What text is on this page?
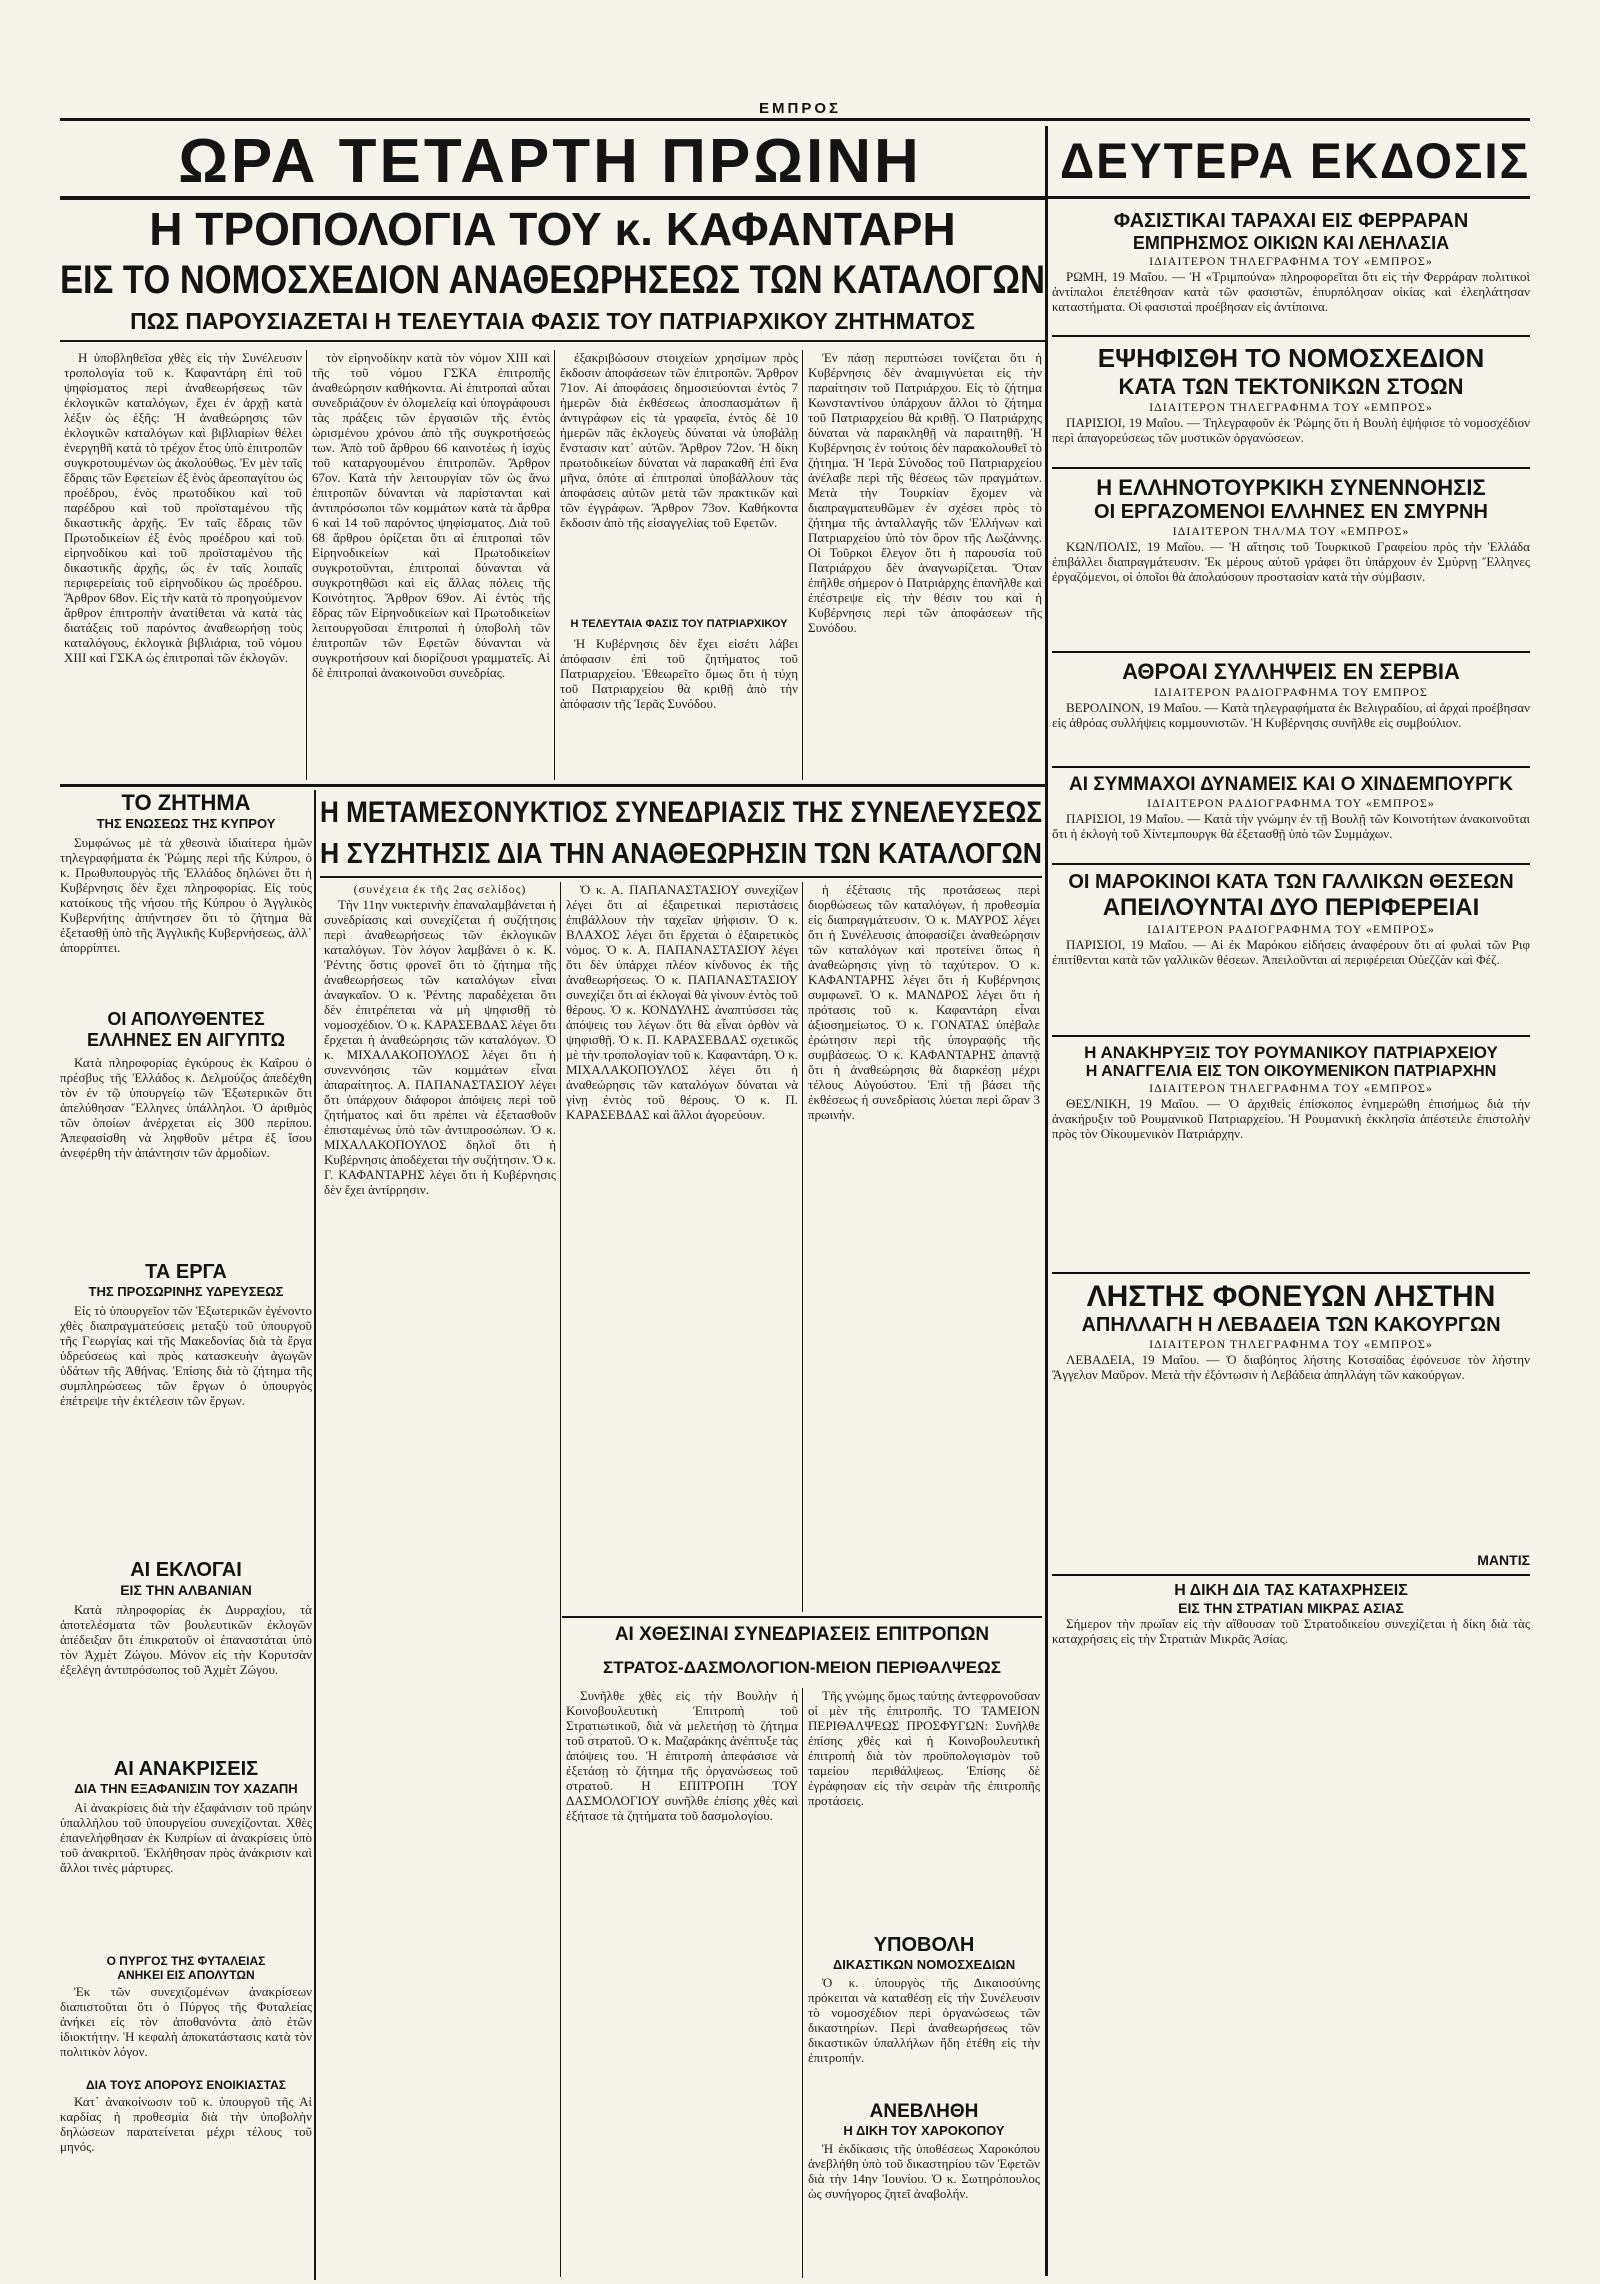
ΕΜΠΡΟΣ
ΩΡΑ ΤΕΤΑΡΤΗ ΠΡΩΙΝΗ	ΔΕΥΤΕΡΑ ΕΚΔΟΣΙΣ
Η ΤΡΟΠΟΛΟΓΙΑ ΤΟΥ κ. ΚΑΦΑΝΤΑΡΗ
ΕΙΣ ΤΟ ΝΟΜΟΣΧΕΔΙΟΝ ΑΝΑΘΕΩΡΗΣΕΩΣ ΤΩΝ ΚΑΤΑΛΟΓΩΝ
ΠΩΣ ΠΑΡΟΥΣΙΑΖΕΤΑΙ Η ΤΕΛΕΥΤΑΙΑ ΦΑΣΙΣ ΤΟΥ ΠΑΤΡΙΑΡΧΙΚΟΥ ΖΗΤΗΜΑΤΟΣ

Η ὑποβληθεῖσα χθὲς εἰς τὴν Συνέλευσιν τροπολογία τοῦ κ. Καφαντάρη ἐπὶ τοῦ ψηφίσματος περὶ ἀναθεωρήσεως τῶν ἐκλογικῶν καταλόγων, ἔχει ἐν ἀρχῇ κατὰ λέξιν ὡς ἑξῆς: Ἡ ἀναθεώρησις τῶν ἐκλογικῶν καταλόγων καὶ βιβλιαρίων θέλει ἐνεργηθῆ κατὰ τὸ τρέχον ἔτος ὑπὸ ἐπιτροπῶν συγκροτουμένων ὡς ἀκολούθως. Ἐν μὲν ταῖς ἕδραις τῶν Εφετείων ἐξ ἑνὸς ἀρεοπαγίτου ὡς προέδρου, ἑνὸς πρωτοδίκου καὶ τοῦ παρέδρου καὶ τοῦ προϊσταμένου τῆς δικαστικῆς ἀρχῆς. Ἐν ταῖς ἕδραις τῶν Πρωτοδικείων ἐξ ἑνὸς προέδρου καὶ τοῦ εἰρηνοδίκου καὶ τοῦ προϊσταμένου τῆς δικαστικῆς ἀρχῆς, ὡς ἐν ταῖς λοιπαῖς περιφερείαις τοῦ εἰρηνοδίκου ὡς προέδρου. Ἄρθρον 68ον. Εἰς τὴν κατὰ τὸ προηγούμενον ἄρθρον ἐπιτροπὴν ἀνατίθεται νὰ κατὰ τὰς διατάξεις τοῦ παρόντος ἀναθεωρήσῃ τοὺς καταλόγους, ἐκλογικὰ βιβλιάρια, τοῦ νόμου ΧΙΙΙ καὶ ΓΣΚΑ ὡς ἐπιτροπαὶ τῶν ἐκλογῶν.

τὸν εἰρηνοδίκην κατὰ τὸν νόμον ΧΙΙΙ καὶ τῆς τοῦ νόμου ΓΣΚΑ ἐπιτροπῆς ἀναθεώρησιν καθήκοντα. Αἱ ἐπιτροπαὶ αὗται συνεδριάζουν ἐν ὁλομελείᾳ καὶ ὑπογράφουσι τὰς πράξεις τῶν ἐργασιῶν τῆς ἐντὸς ὡρισμένου χρόνου ἀπὸ τῆς συγκροτήσεώς των. Ἀπὸ τοῦ ἄρθρου 66 καινοτέως ἡ ἰσχὺς τοῦ καταργουμένου ἐπιτροπῶν. Ἄρθρον 67ον. Κατὰ τὴν λειτουργίαν τῶν ὡς ἄνω ἐπιτροπῶν δύνανται νὰ παρίστανται καὶ ἀντιπρόσωποι τῶν κομμάτων κατὰ τὰ ἄρθρα 6 καὶ 14 τοῦ παρόντος ψηφίσματος. Διὰ τοῦ 68 ἄρθρου ὁρίζεται ὅτι αἱ ἐπιτροπαὶ τῶν Εἰρηνοδικείων καὶ Πρωτοδικείων συγκροτοῦνται, ἐπιτροπαὶ δύνανται νὰ συγκροτηθῶσι καὶ εἰς ἄλλας πόλεις τῆς Κοινότητος. Ἄρθρον 69ον. Αἱ ἐντὸς τῆς ἕδρας τῶν Εἰρηνοδικείων καὶ Πρωτοδικείων λειτουργοῦσαι ἐπιτροπαὶ ἡ ὑποβολὴ τῶν ἐπιτροπῶν τῶν Εφετῶν δύνανται νὰ συγκροτήσουν καὶ διορίζουσι γραμματεῖς. Αἱ δὲ ἐπιτροπαὶ ἀνακοινοῦσι συνεδρίας.

ἐξακριβώσουν στοιχείων χρησίμων πρὸς ἔκδοσιν ἀποφάσεων τῶν ἐπιτροπῶν. Ἄρθρον 71ον. Αἱ ἀποφάσεις δημοσιεύονται ἐντὸς 7 ἡμερῶν διὰ ἐκθέσεως ἀποσπασμάτων ἢ ἀντιγράφων εἰς τὰ γραφεῖα, ἐντὸς δὲ 10 ἡμερῶν πᾶς ἐκλογεὺς δύναται νὰ ὑποβάλῃ ἔνστασιν κατ᾿ αὐτῶν. Ἄρθρον 72ον. Ἡ δίκη πρωτοδικείων δύναται νὰ παρακαθῆ ἐπὶ ἕνα μῆνα, ὁπότε αἱ ἐπιτροπαὶ ὑποβάλλουν τὰς ἀποφάσεις αὐτῶν μετὰ τῶν πρακτικῶν καὶ τῶν ἐγγράφων. Ἄρθρον 73ον. Καθήκοντα ἔκδοσιν ἀπὸ τῆς εἰσαγγελίας τοῦ Εφετῶν.

Η ΤΕΛΕΥΤΑΙΑ ΦΑΣΙΣ ΤΟΥ ΠΑΤΡΙΑΡΧΙΚΟΥ

Ἡ Κυβέρνησις δὲν ἔχει εἰσέτι λάβει ἀπόφασιν ἐπὶ τοῦ ζητήματος τοῦ Πατριαρχείου. Ἐθεωρεῖτο ὅμως ὅτι ἡ τύχη τοῦ Πατριαρχείου θὰ κριθῇ ἀπὸ τὴν ἀπόφασιν τῆς Ἱερᾶς Συνόδου.

Ἐν πάσῃ περιπτώσει τονίζεται ὅτι ἡ Κυβέρνησις δὲν ἀναμιγνύεται εἰς τὴν παραίτησιν τοῦ Πατριάρχου. Εἰς τὸ ζήτημα Κωνσταντίνου ὑπάρχουν ἄλλοι τὸ ζήτημα τοῦ Πατριαρχείου θὰ κριθῇ. Ὁ Πατριάρχης δύναται νὰ παρακληθῇ νὰ παραιτηθῇ. Ἡ Κυβέρνησις ἐν τούτοις δὲν παρακολουθεῖ τὸ ζήτημα. Ἡ Ἱερὰ Σύνοδος τοῦ Πατριαρχείου ἀνέλαβε περὶ τῆς θέσεως τῶν πραγμάτων. Μετὰ τὴν Τουρκίαν ἔχομεν νὰ διαπραγματευθῶμεν ἐν σχέσει πρὸς τὸ ζήτημα τῆς ἀνταλλαγῆς τῶν Ἑλλήνων καὶ Πατριαρχείου ὑπὸ τὸν ὅρον τῆς Λωζάννης. Οἱ Τοῦρκοι ἔλεγον ὅτι ἡ παρουσία τοῦ Πατριάρχου δὲν ἀναγνωρίζεται. Ὅταν ἐπῆλθε σήμερον ὁ Πατριάρχης ἐπανῆλθε καὶ ἐπέστρεψε εἰς τὴν θέσιν του καὶ ἡ Κυβέρνησις περὶ τῶν ἀποφάσεων τῆς Συνόδου.

ΤΟ ΖΗΤΗΜΑ
ΤΗΣ ΕΝΩΣΕΩΣ ΤΗΣ ΚΥΠΡΟΥ

Συμφώνως μὲ τὰ χθεσινὰ ἰδιαίτερα ἡμῶν τηλεγραφήματα ἐκ Ῥώμης περὶ τῆς Κύπρου, ὁ κ. Πρωθυπουργὸς τῆς Ἑλλάδος δηλώνει ὅτι ἡ Κυβέρνησις δὲν ἔχει πληροφορίας. Εἰς τοὺς κατοίκους τῆς νήσου τῆς Κύπρου ὁ Ἀγγλικὸς Κυβερνήτης ἀπήντησεν ὅτι τὸ ζήτημα θὰ ἐξετασθῇ ὑπὸ τῆς Ἀγγλικῆς Κυβερνήσεως, ἀλλ᾿ ἀπορρίπτει.

ΟΙ ΑΠΟΛΥΘΕΝΤΕΣ
ΕΛΛΗΝΕΣ ΕΝ ΑΙΓΥΠΤΩ

Κατὰ πληροφορίας ἐγκύρους ἐκ Καΐρου ὁ πρέσβυς τῆς Ἑλλάδος κ. Δελμούζος ἀπεδέχθη τὸν ἐν τῷ ὑπουργείῳ τῶν Ἐξωτερικῶν ὅτι ἀπελύθησαν Ἕλληνες ὑπάλληλοι. Ὁ ἀριθμὸς τῶν ὁποίων ἀνέρχεται εἰς 300 περίπου. Ἀπεφασίσθη νὰ ληφθοῦν μέτρα ἐξ ἴσου ἀνεφέρθη τὴν ἀπάντησιν τῶν ἀρμοδίων.

ΤΑ ΕΡΓΑ
ΤΗΣ ΠΡΟΣΩΡΙΝΗΣ ΥΔΡΕΥΣΕΩΣ

Εἰς τὸ ὑπουργεῖον τῶν Ἐξωτερικῶν ἐγένοντο χθὲς διαπραγματεύσεις μεταξὺ τοῦ ὑπουργοῦ τῆς Γεωργίας καὶ τῆς Μακεδονίας διὰ τὰ ἔργα ὑδρεύσεως καὶ πρὸς κατασκευὴν ἀγωγῶν ὑδάτων τῆς Ἀθήνας. Ἐπίσης διὰ τὸ ζήτημα τῆς συμπληρώσεως τῶν ἔργων ὁ ὑπουργὸς ἐπέτρεψε τὴν ἐκτέλεσιν τῶν ἔργων.

ΑΙ ΕΚΛΟΓΑΙ
ΕΙΣ ΤΗΝ ΑΛΒΑΝΙΑΝ

Κατὰ πληροφορίας ἐκ Δυρραχίου, τὰ ἀποτελέσματα τῶν βουλευτικῶν ἐκλογῶν ἀπέδειξαν ὅτι ἐπικρατοῦν οἱ ἐπαναστάται ὑπὸ τὸν Ἀχμὲτ Ζώγου. Μόνον εἰς τὴν Κορυτσὰν ἐξελέγη ἀντιπρόσωπος τοῦ Ἀχμὲτ Ζώγου.

ΑΙ ΑΝΑΚΡΙΣΕΙΣ
ΔΙΑ ΤΗΝ ΕΞΑΦΑΝΙΣΙΝ ΤΟΥ ΧΑΖΑΠΗ

Αἱ ἀνακρίσεις διὰ τὴν ἐξαφάνισιν τοῦ πρώην ὑπαλλήλου τοῦ ὑπουργείου συνεχίζονται. Χθὲς ἐπανελήφθησαν ἐκ Κυπρίων αἱ ἀνακρίσεις ὑπὸ τοῦ ἀνακριτοῦ. Ἐκλήθησαν πρὸς ἀνάκρισιν καὶ ἄλλοι τινὲς μάρτυρες.

Ο ΠΥΡΓΟΣ ΤΗΣ ΦΥΤΑΛΕΙΑΣ
ΑΝΗΚΕΙ ΕΙΣ ΑΠΟΛΥΤΩΝ

Ἐκ τῶν συνεχιζομένων ἀνακρίσεων διαπιστοῦται ὅτι ὁ Πύργος τῆς Φυταλείας ἀνήκει εἰς τὸν ἀποθανόντα ἀπὸ ἐτῶν ἰδιοκτήτην. Ἡ κεφαλὴ ἀποκατάστασις κατὰ τὸν πολιτικὸν λόγον.

ΔΙΑ ΤΟΥΣ ΑΠΟΡΟΥΣ ΕΝΟΙΚΙΑΣΤΑΣ

Κατ᾿ ἀνακοίνωσιν τοῦ κ. ὑπουργοῦ τῆς Αἰ καρδίας ἡ προθεσμία διὰ τὴν ὑποβολὴν δηλώσεων παρατείνεται μέχρι τέλους τοῦ μηνός.

Η ΜΕΤΑΜΕΣΟΝΥΚΤΙΟΣ ΣΥΝΕΔΡΙΑΣΙΣ ΤΗΣ ΣΥΝΕΛΕΥΣΕΩΣ
Η ΣΥΖΗΤΗΣΙΣ ΔΙΑ ΤΗΝ ΑΝΑΘΕΩΡΗΣΙΝ ΤΩΝ ΚΑΤΑΛΟΓΩΝ
(συνέχεια ἐκ τῆς 2ας σελίδος)

Τὴν 11ην νυκτερινὴν ἐπαναλαμβάνεται ἡ συνεδρίασις καὶ συνεχίζεται ἡ συζήτησις περὶ ἀναθεωρήσεως τῶν ἐκλογικῶν καταλόγων. Τὸν λόγον λαμβάνει ὁ κ. Κ. Ῥέντης ὅστις φρονεῖ ὅτι τὸ ζήτημα τῆς ἀναθεωρήσεως τῶν καταλόγων εἶναι ἀναγκαῖον. Ὁ κ. Ῥέντης παραδέχεται ὅτι δὲν ἐπιτρέπεται νὰ μὴ ψηφισθῇ τὸ νομοσχέδιον. Ὁ κ. ΚΑΡΑΣΕΒΔΑΣ λέγει ὅτι ἔρχεται ἡ ἀναθεώρησις τῶν καταλόγων. Ὁ κ. ΜΙΧΑΛΑΚΟΠΟΥΛΟΣ λέγει ὅτι ἡ συνεννόησις τῶν κομμάτων εἶναι ἀπαραίτητος. Α. ΠΑΠΑΝΑΣΤΑΣΙΟΥ λέγει ὅτι ὑπάρχουν διάφοροι ἀπόψεις περὶ τοῦ ζητήματος καὶ ὅτι πρέπει νὰ ἐξετασθοῦν ἐπισταμένως ὑπὸ τῶν ἀντιπροσώπων. Ὁ κ. ΜΙΧΑΛΑΚΟΠΟΥΛΟΣ δηλοῖ ὅτι ἡ Κυβέρνησις ἀποδέχεται τὴν συζήτησιν. Ὁ κ. Γ. ΚΑΦΑΝΤΑΡΗΣ λέγει ὅτι ἡ Κυβέρνησις δὲν ἔχει ἀντίρρησιν.

Ὁ κ. Α. ΠΑΠΑΝΑΣΤΑΣΙΟΥ συνεχίζων λέγει ὅτι αἱ ἐξαιρετικαὶ περιστάσεις ἐπιβάλλουν τὴν ταχεῖαν ψήφισιν. Ὁ κ. ΒΛΑΧΟΣ λέγει ὅτι ἔρχεται ὁ ἐξαιρετικὸς νόμος. Ὁ κ. Α. ΠΑΠΑΝΑΣΤΑΣΙΟΥ λέγει ὅτι δὲν ὑπάρχει πλέον κίνδυνος ἐκ τῆς ἀναθεωρήσεως. Ὁ κ. ΠΑΠΑΝΑΣΤΑΣΙΟΥ συνεχίζει ὅτι αἱ ἐκλογαὶ θὰ γίνουν ἐντὸς τοῦ θέρους. Ὁ κ. ΚΟΝΔΥΛΗΣ ἀναπτύσσει τὰς ἀπόψεις του λέγων ὅτι θὰ εἶναι ὀρθὸν νὰ ψηφισθῇ. Ὁ κ. Π. ΚΑΡΑΣΕΒΔΑΣ σχετικῶς μὲ τὴν τροπολογίαν τοῦ κ. Καφαντάρη. Ὁ κ. ΜΙΧΑΛΑΚΟΠΟΥΛΟΣ λέγει ὅτι ἡ ἀναθεώρησις τῶν καταλόγων δύναται νὰ γίνῃ ἐντὸς τοῦ θέρους. Ὁ κ. Π. ΚΑΡΑΣΕΒΔΑΣ καὶ ἄλλοι ἀγορεύουν.

ἡ ἐξέτασις τῆς προτάσεως περὶ διορθώσεως τῶν καταλόγων, ἡ προθεσμία εἰς διαπραγμάτευσιν. Ὁ κ. ΜΑΥΡΟΣ λέγει ὅτι ἡ Συνέλευσις ἀποφασίζει ἀναθεώρησιν τῶν καταλόγων καὶ προτείνει ὅπως ἡ ἀναθεώρησις γίνῃ τὸ ταχύτερον. Ὁ κ. ΚΑΦΑΝΤΑΡΗΣ λέγει ὅτι ἡ Κυβέρνησις συμφωνεῖ. Ὁ κ. ΜΑΝΔΡΟΣ λέγει ὅτι ἡ πρότασις τοῦ κ. Καφαντάρη εἶναι ἀξιοσημείωτος. Ὁ κ. ΓΟΝΑΤΑΣ ὑπέβαλε ἐρώτησιν περὶ τῆς ὑπογραφῆς τῆς συμβάσεως. Ὁ κ. ΚΑΦΑΝΤΑΡΗΣ ἀπαντᾷ ὅτι ἡ ἀναθεώρησις θὰ διαρκέσῃ μέχρι τέλους Αὐγούστου. Ἐπὶ τῇ βάσει τῆς ἐκθέσεως ἡ συνεδρίασις λύεται περὶ ὥραν 3 πρωινήν.

ΑΙ ΧΘΕΣΙΝΑΙ ΣΥΝΕΔΡΙΑΣΕΙΣ ΕΠΙΤΡΟΠΩΝ
ΣΤΡΑΤΟΣ-ΔΑΣΜΟΛΟΓΙΟΝ-ΜΕΙΟΝ ΠΕΡΙΘΑΛΨΕΩΣ

Συνῆλθε χθὲς εἰς τὴν Βουλὴν ἡ Κοινοβουλευτικὴ Ἐπιτροπὴ τοῦ Στρατιωτικοῦ, διὰ νὰ μελετήσῃ τὸ ζήτημα τοῦ στρατοῦ. Ὁ κ. Μαζαράκης ἀνέπτυξε τὰς ἀπόψεις του. Ἡ ἐπιτροπὴ ἀπεφάσισε νὰ ἐξετάσῃ τὸ ζήτημα τῆς ὀργανώσεως τοῦ στρατοῦ. Η ΕΠΙΤΡΟΠΗ ΤΟΥ ΔΑΣΜΟΛΟΓΙΟΥ συνῆλθε ἐπίσης χθὲς καὶ ἐξήτασε τὰ ζητήματα τοῦ δασμολογίου.

Τῆς γνώμης ὅμως ταύτης ἀντεφρονοῦσαν οἱ μὲν τῆς ἐπιτροπῆς. ΤΟ ΤΑΜΕΙΟΝ ΠΕΡΙΘΑΛΨΕΩΣ ΠΡΟΣΦΥΓΩΝ: Συνῆλθε ἐπίσης χθὲς καὶ ἡ Κοινοβουλευτικὴ ἐπιτροπὴ διὰ τὸν προϋπολογισμὸν τοῦ ταμείου περιθάλψεως. Ἐπίσης δὲ ἐγράφησαν εἰς τὴν σειρὰν τῆς ἐπιτροπῆς προτάσεις.

ΥΠΟΒΟΛΗ
ΔΙΚΑΣΤΙΚΩΝ ΝΟΜΟΣΧΕΔΙΩΝ

Ὁ κ. ὑπουργὸς τῆς Δικαιοσύνης πρόκειται νὰ καταθέσῃ εἰς τὴν Συνέλευσιν τὸ νομοσχέδιον περὶ ὀργανώσεως τῶν δικαστηρίων. Περὶ ἀναθεωρήσεως τῶν δικαστικῶν ὑπαλλήλων ἤδη ἐτέθη εἰς τὴν ἐπιτροπήν.

ΑΝΕΒΛΗΘΗ
Η ΔΙΚΗ ΤΟΥ ΧΑΡΟΚΟΠΟΥ

Ἡ ἐκδίκασις τῆς ὑποθέσεως Χαροκόπου ἀνεβλήθη ὑπὸ τοῦ δικαστηρίου τῶν Ἐφετῶν διὰ τὴν 14ην Ἰουνίου. Ὁ κ. Σωτηρόπουλος ὡς συνήγορος ζητεῖ ἀναβολήν.

ΦΑΣΙΣΤΙΚΑΙ ΤΑΡΑΧΑΙ ΕΙΣ ΦΕΡΡΑΡΑΝ
ΕΜΠΡΗΣΜΟΣ ΟΙΚΙΩΝ ΚΑΙ ΛΕΗΛΑΣΙΑ
ΙΔΙΑΙΤΕΡΟΝ ΤΗΛΕΓΡΑΦΗΜΑ ΤΟΥ «ΕΜΠΡΟΣ»

ΡΩΜΗ, 19 Μαΐου. — Ἡ «Τριμπούνα» πληροφορεῖται ὅτι εἰς τὴν Φερράραν πολιτικοὶ ἀντίπαλοι ἐπετέθησαν κατὰ τῶν φασιστῶν, ἐπυρπόλησαν οἰκίας καὶ ἐλεηλάτησαν καταστήματα. Οἱ φασισταὶ προέβησαν εἰς ἀντίποινα.

ΕΨΗΦΙΣΘΗ ΤΟ ΝΟΜΟΣΧΕΔΙΟΝ
ΚΑΤΑ ΤΩΝ ΤΕΚΤΟΝΙΚΩΝ ΣΤΟΩΝ
ΙΔΙΑΙΤΕΡΟΝ ΤΗΛΕΓΡΑΦΗΜΑ ΤΟΥ «ΕΜΠΡΟΣ»

ΠΑΡΙΣΙΟΙ, 19 Μαΐου. — Τηλεγραφοῦν ἐκ Ῥώμης ὅτι ἡ Βουλὴ ἐψήφισε τὸ νομοσχέδιον περὶ ἀπαγορεύσεως τῶν μυστικῶν ὀργανώσεων.

Η ΕΛΛΗΝΟΤΟΥΡΚΙΚΗ ΣΥΝΕΝΝΟΗΣΙΣ
ΟΙ ΕΡΓΑΖΟΜΕΝΟΙ ΕΛΛΗΝΕΣ ΕΝ ΣΜΥΡΝΗ
ΙΔΙΑΙΤΕΡΟΝ ΤΗΛ/ΜΑ ΤΟΥ «ΕΜΠΡΟΣ»

ΚΩΝ/ΠΟΛΙΣ, 19 Μαΐου. — Ἡ αἴτησις τοῦ Τουρκικοῦ Γραφείου πρὸς τὴν Ἑλλάδα ἐπιβάλλει διαπραγμάτευσιν. Ἐκ μέρους αὐτοῦ γράφει ὅτι ὑπάρχουν ἐν Σμύρνῃ Ἕλληνες ἐργαζόμενοι, οἱ ὁποῖοι θὰ ἀπολαύσουν προστασίαν κατὰ τὴν σύμβασιν.

ΑΘΡΟΑΙ ΣΥΛΛΗΨΕΙΣ ΕΝ ΣΕΡΒΙΑ
ΙΔΙΑΙΤΕΡΟΝ ΡΑΔΙΟΓΡΑΦΗΜΑ ΤΟΥ ΕΜΠΡΟΣ

ΒΕΡΟΛΙΝΟΝ, 19 Μαΐου. — Κατὰ τηλεγραφήματα ἐκ Βελιγραδίου, αἱ ἀρχαὶ προέβησαν εἰς ἀθρόας συλλήψεις κομμουνιστῶν. Ἡ Κυβέρνησις συνῆλθε εἰς συμβούλιον.

ΑΙ ΣΥΜΜΑΧΟΙ ΔΥΝΑΜΕΙΣ ΚΑΙ Ο ΧΙΝΔΕΜΠΟΥΡΓΚ
ΙΔΙΑΙΤΕΡΟΝ ΡΑΔΙΟΓΡΑΦΗΜΑ ΤΟΥ «ΕΜΠΡΟΣ»

ΠΑΡΙΣΙΟΙ, 19 Μαΐου. — Κατὰ τὴν γνώμην ἐν τῇ Βουλῇ τῶν Κοινοτήτων ἀνακοινοῦται ὅτι ἡ ἐκλογὴ τοῦ Χίντεμπουργκ θὰ ἐξετασθῇ ὑπὸ τῶν Συμμάχων.

ΟΙ ΜΑΡΟΚΙΝΟΙ ΚΑΤΑ ΤΩΝ ΓΑΛΛΙΚΩΝ ΘΕΣΕΩΝ
ΑΠΕΙΛΟΥΝΤΑΙ ΔΥΟ ΠΕΡΙΦΕΡΕΙΑΙ
ΙΔΙΑΙΤΕΡΟΝ ΡΑΔΙΟΓΡΑΦΗΜΑ ΤΟΥ «ΕΜΠΡΟΣ»

ΠΑΡΙΣΙΟΙ, 19 Μαΐου. — Αἱ ἐκ Μαρόκου εἰδήσεις ἀναφέρουν ὅτι αἱ φυλαὶ τῶν Ριφ ἐπιτίθενται κατὰ τῶν γαλλικῶν θέσεων. Ἀπειλοῦνται αἱ περιφέρειαι Οὐεζζὰν καὶ Φέζ.

Η ΑΝΑΚΗΡΥΞΙΣ ΤΟΥ ΡΟΥΜΑΝΙΚΟΥ ΠΑΤΡΙΑΡΧΕΙΟΥ
Η ΑΝΑΓΓΕΛΙΑ ΕΙΣ ΤΟΝ ΟΙΚΟΥΜΕΝΙΚΟΝ ΠΑΤΡΙΑΡΧΗΝ
ΙΔΙΑΙΤΕΡΟΝ ΤΗΛΕΓΡΑΦΗΜΑ ΤΟΥ «ΕΜΠΡΟΣ»

ΘΕΣ/ΝΙΚΗ, 19 Μαΐου. — Ὁ ἀρχιθεὶς ἐπίσκοπος ἐνημερώθη ἐπισήμως διὰ τὴν ἀνακήρυξιν τοῦ Ρουμανικοῦ Πατριαρχείου. Ἡ Ρουμανικὴ ἐκκλησία ἀπέστειλε ἐπιστολὴν πρὸς τὸν Οἰκουμενικὸν Πατριάρχην.

ΛΗΣΤΗΣ ΦΟΝΕΥΩΝ ΛΗΣΤΗΝ
ΑΠΗΛΛΑΓΗ Η ΛΕΒΑΔΕΙΑ ΤΩΝ ΚΑΚΟΥΡΓΩΝ
ΙΔΙΑΙΤΕΡΟΝ ΤΗΛΕΓΡΑΦΗΜΑ ΤΟΥ «ΕΜΠΡΟΣ»

ΛΕΒΑΔΕΙΑ, 19 Μαΐου. — Ὁ διαβόητος λήστης Κοτσαίδας ἐφόνευσε τὸν λήστην Ἄγγελον Μαῦρον. Μετὰ τὴν ἐξόντωσιν ἡ Λεβάδεια ἀπηλλάγη τῶν κακούργων.

ΜΑΝΤΙΣ
Η ΔΙΚΗ ΔΙΑ ΤΑΣ ΚΑΤΑΧΡΗΣΕΙΣ
ΕΙΣ ΤΗΝ ΣΤΡΑΤΙΑΝ ΜΙΚΡΑΣ ΑΣΙΑΣ

Σήμερον τὴν πρωΐαν εἰς τὴν αἴθουσαν τοῦ Στρατοδικείου συνεχίζεται ἡ δίκη διὰ τὰς καταχρήσεις εἰς τὴν Στρατιὰν Μικρᾶς Ἀσίας.
